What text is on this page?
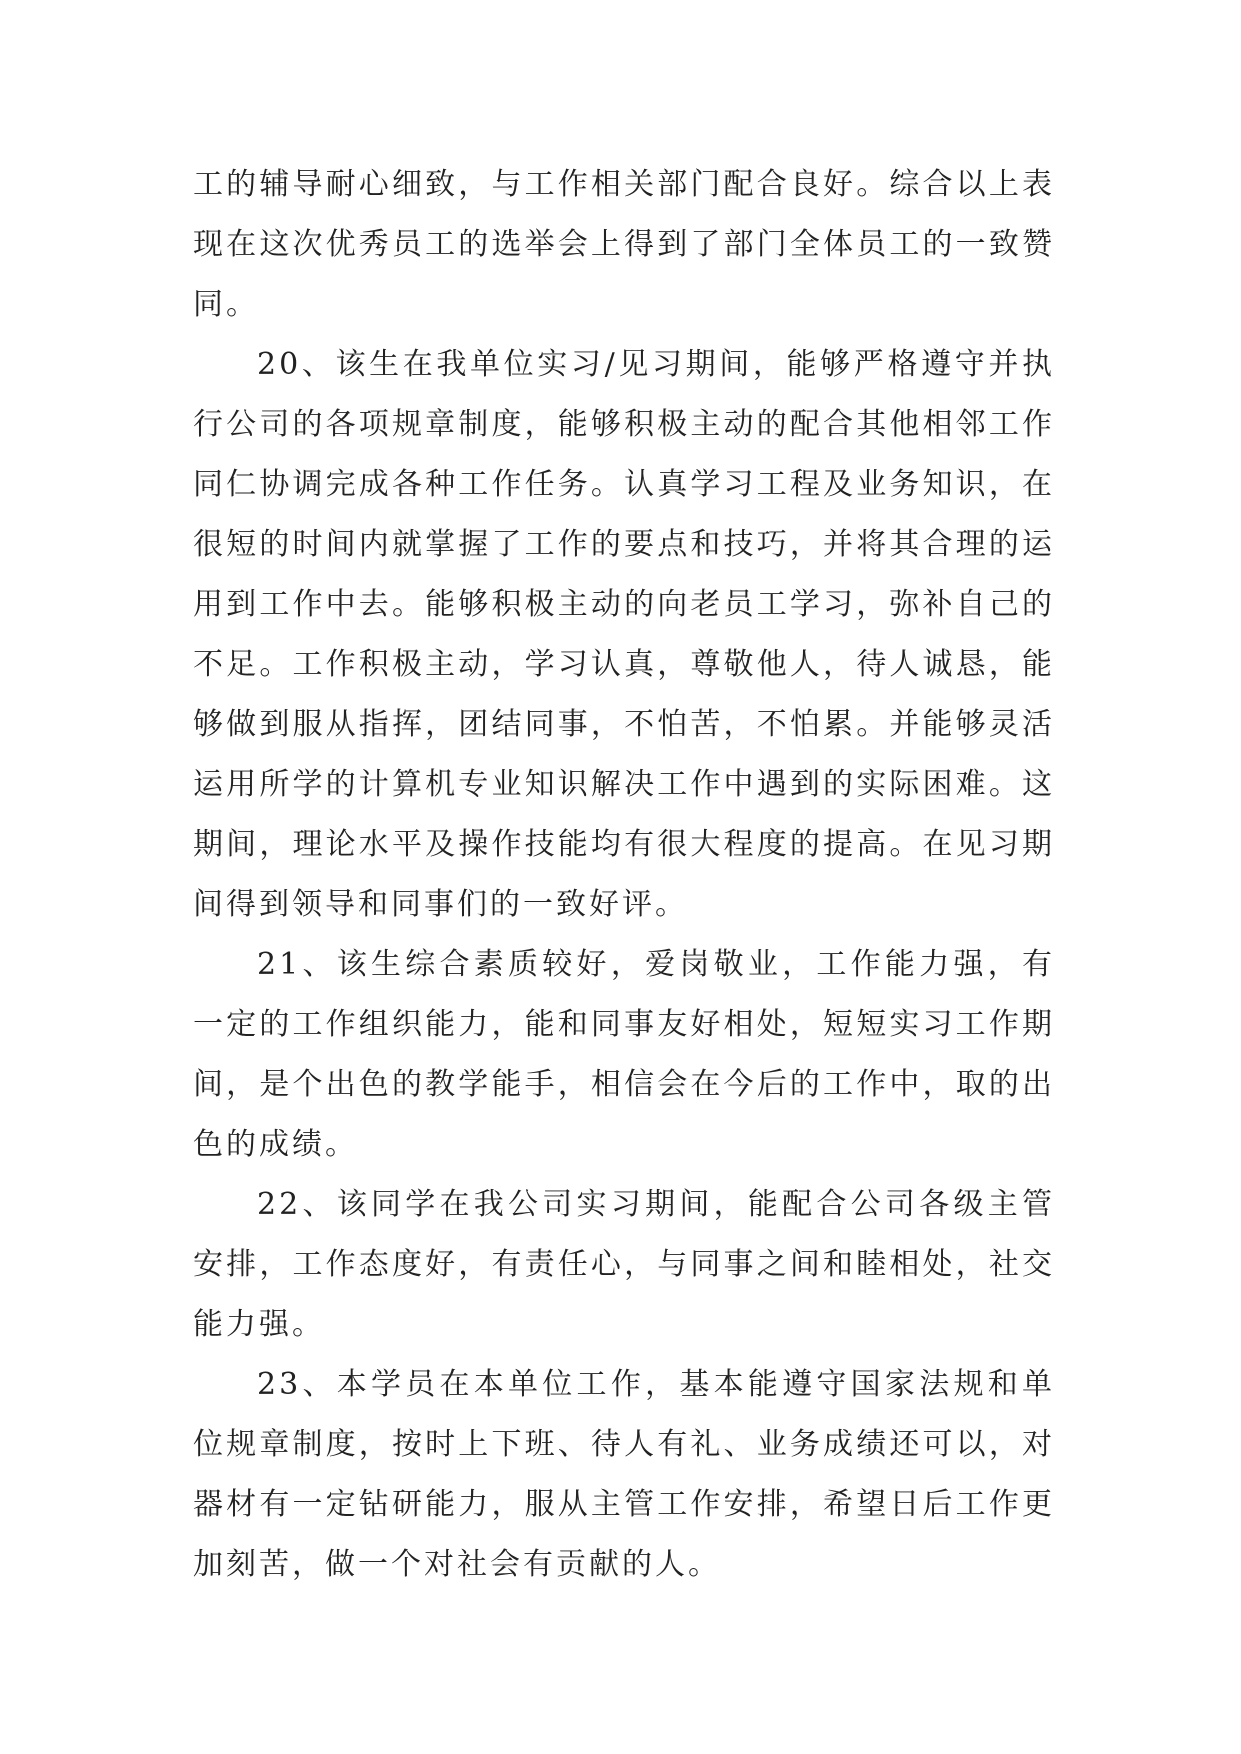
工的辅导耐心细致，与工作相关部门配合良好。综合以上表现在这次优秀员工的选举会上得到了部门全体员工的一致赞同。

20、该生在我单位实习/见习期间，能够严格遵守并执行公司的各项规章制度，能够积极主动的配合其他相邻工作同仁协调完成各种工作任务。认真学习工程及业务知识，在很短的时间内就掌握了工作的要点和技巧，并将其合理的运用到工作中去。能够积极主动的向老员工学习，弥补自己的不足。工作积极主动，学习认真，尊敬他人，待人诚恳，能够做到服从指挥，团结同事，不怕苦，不怕累。并能够灵活运用所学的计算机专业知识解决工作中遇到的实际困难。这期间，理论水平及操作技能均有很大程度的提高。在见习期间得到领导和同事们的一致好评。

21、该生综合素质较好，爱岗敬业，工作能力强，有一定的工作组织能力，能和同事友好相处，短短实习工作期间，是个出色的教学能手，相信会在今后的工作中，取的出色的成绩。

22、该同学在我公司实习期间，能配合公司各级主管安排，工作态度好，有责任心，与同事之间和睦相处，社交能力强。

23、本学员在本单位工作，基本能遵守国家法规和单位规章制度，按时上下班、待人有礼、业务成绩还可以，对器材有一定钻研能力，服从主管工作安排，希望日后工作更加刻苦，做一个对社会有贡献的人。
